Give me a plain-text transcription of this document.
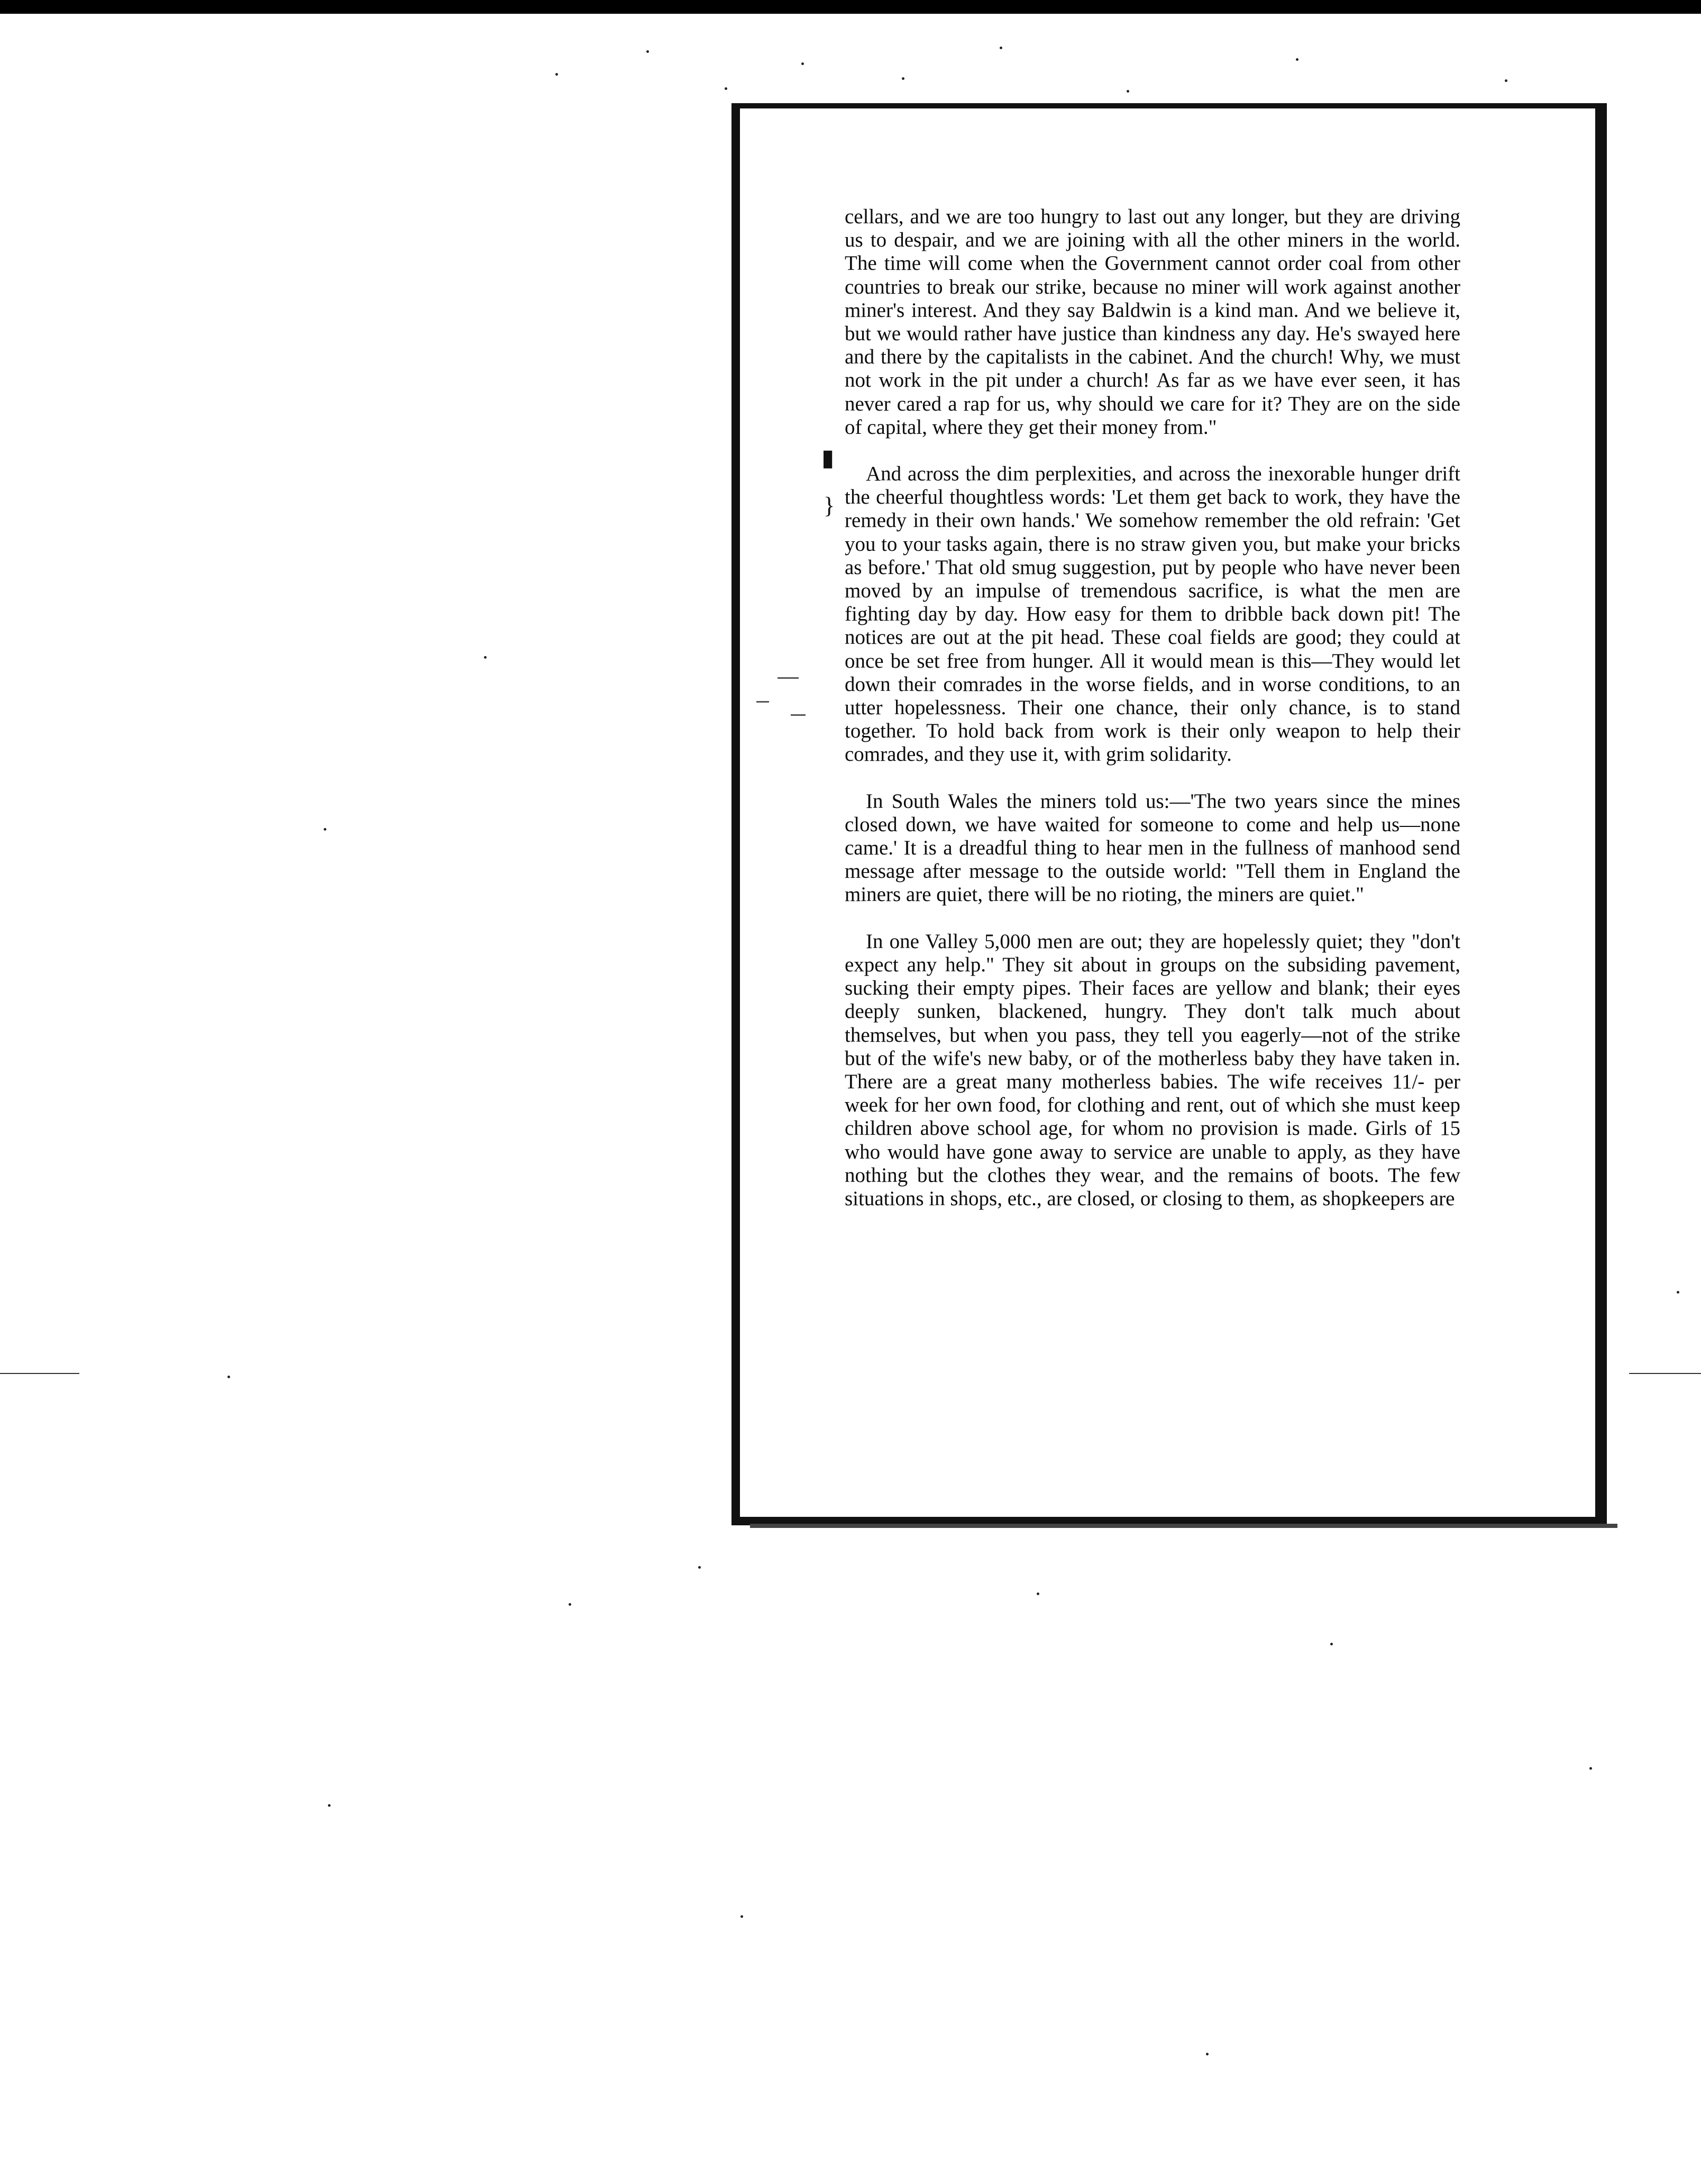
▮
}

cellars, and we are too hungry to last out any longer, but they are driving us to despair, and we are joining with all the other miners in the world. The time will come when the Government cannot order coal from other countries to break our strike, because no miner will work against another miner's interest. And they say Baldwin is a kind man. And we believe it, but we would rather have justice than kindness any day. He's swayed here and there by the capitalists in the cabinet. And the church! Why, we must not work in the pit under a church! As far as we have ever seen, it has never cared a rap for us, why should we care for it? They are on the side of capital, where they get their money from."

And across the dim perplexities, and across the inexorable hunger drift the cheerful thoughtless words: 'Let them get back to work, they have the remedy in their own hands.' We somehow remember the old refrain: 'Get you to your tasks again, there is no straw given you, but make your bricks as before.' That old smug suggestion, put by people who have never been moved by an impulse of tremendous sacrifice, is what the men are fighting day by day. How easy for them to dribble back down pit! The notices are out at the pit head. These coal fields are good; they could at once be set free from hunger. All it would mean is this—They would let down their comrades in the worse fields, and in worse conditions, to an utter hopelessness. Their one chance, their only chance, is to stand together. To hold back from work is their only weapon to help their comrades, and they use it, with grim solidarity.

In South Wales the miners told us:—'The two years since the mines closed down, we have waited for someone to come and help us—none came.' It is a dreadful thing to hear men in the fullness of manhood send message after message to the outside world: "Tell them in England the miners are quiet, there will be no rioting, the miners are quiet."

In one Valley 5,000 men are out; they are hopelessly quiet; they "don't expect any help." They sit about in groups on the subsiding pavement, sucking their empty pipes. Their faces are yellow and blank; their eyes deeply sunken, blackened, hungry. They don't talk much about themselves, but when you pass, they tell you eagerly—not of the strike but of the wife's new baby, or of the motherless baby they have taken in. There are a great many motherless babies. The wife receives 11/- per week for her own food, for clothing and rent, out of which she must keep children above school age, for whom no provision is made. Girls of 15 who would have gone away to service are unable to apply, as they have nothing but the clothes they wear, and the remains of boots. The few situations in shops, etc., are closed, or closing to them, as shopkeepers are
